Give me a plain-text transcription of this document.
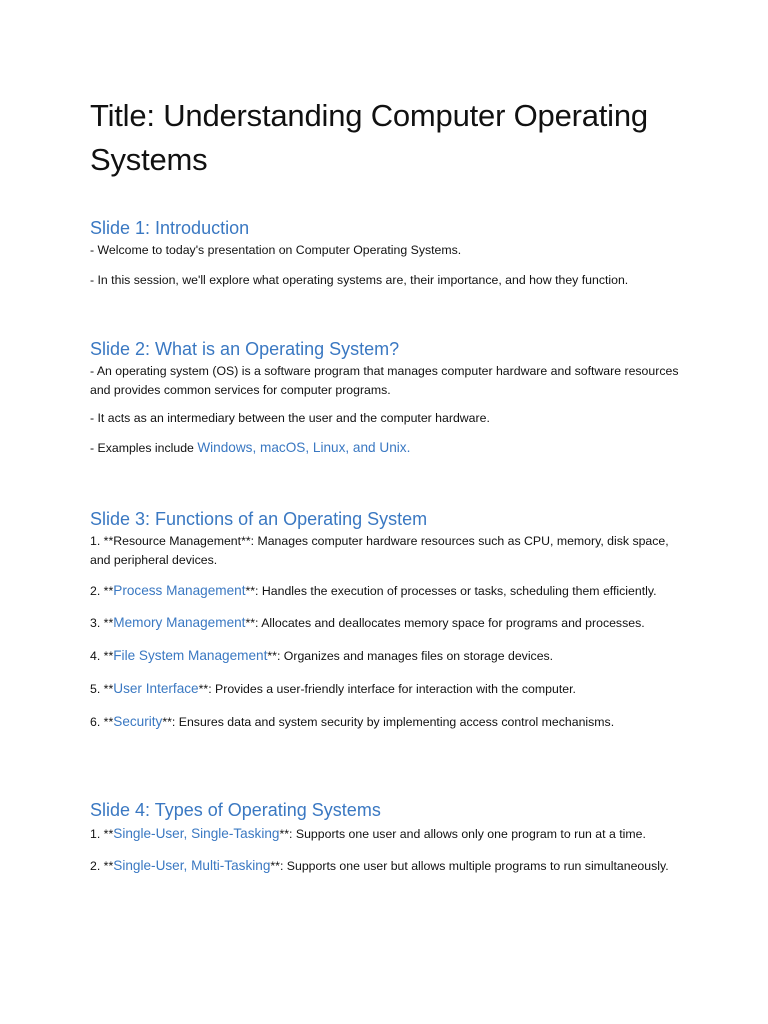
Title: Understanding Computer Operating Systems
Slide 1: Introduction

- Welcome to today's presentation on Computer Operating Systems.

- In this session, we'll explore what operating systems are, their importance, and how they function.

Slide 2: What is an Operating System?

- An operating system (OS) is a software program that manages computer hardware and software resources and provides common services for computer programs.

- It acts as an intermediary between the user and the computer hardware.

- Examples include Windows, macOS, Linux, and Unix.

Slide 3: Functions of an Operating System

1. **Resource Management**: Manages computer hardware resources such as CPU, memory, disk space, and peripheral devices.

2. **Process Management**: Handles the execution of processes or tasks, scheduling them efficiently.

3. **Memory Management**: Allocates and deallocates memory space for programs and processes.

4. **File System Management**: Organizes and manages files on storage devices.

5. **User Interface**: Provides a user-friendly interface for interaction with the computer.

6. **Security**: Ensures data and system security by implementing access control mechanisms.

Slide 4: Types of Operating Systems

1. **Single-User, Single-Tasking**: Supports one user and allows only one program to run at a time.

2. **Single-User, Multi-Tasking**: Supports one user but allows multiple programs to run simultaneously.
